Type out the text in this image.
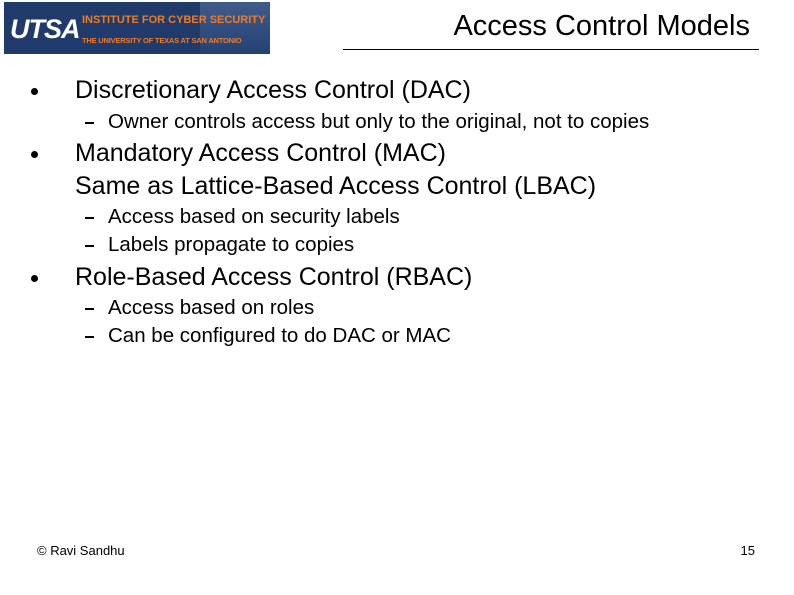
UTSA INSTITUTE FOR CYBER SECURITY
THE UNIVERSITY OF TEXAS AT SAN ANTONIO	Access Control Models
Discretionary Access Control (DAC)
Owner controls access but only to the original, not to copies
Mandatory Access Control (MAC)
Same as Lattice-Based Access Control (LBAC)
Access based on security labels
Labels propagate to copies
Role-Based Access Control (RBAC)
Access based on roles
Can be configured to do DAC or MAC
© Ravi Sandhu	15
